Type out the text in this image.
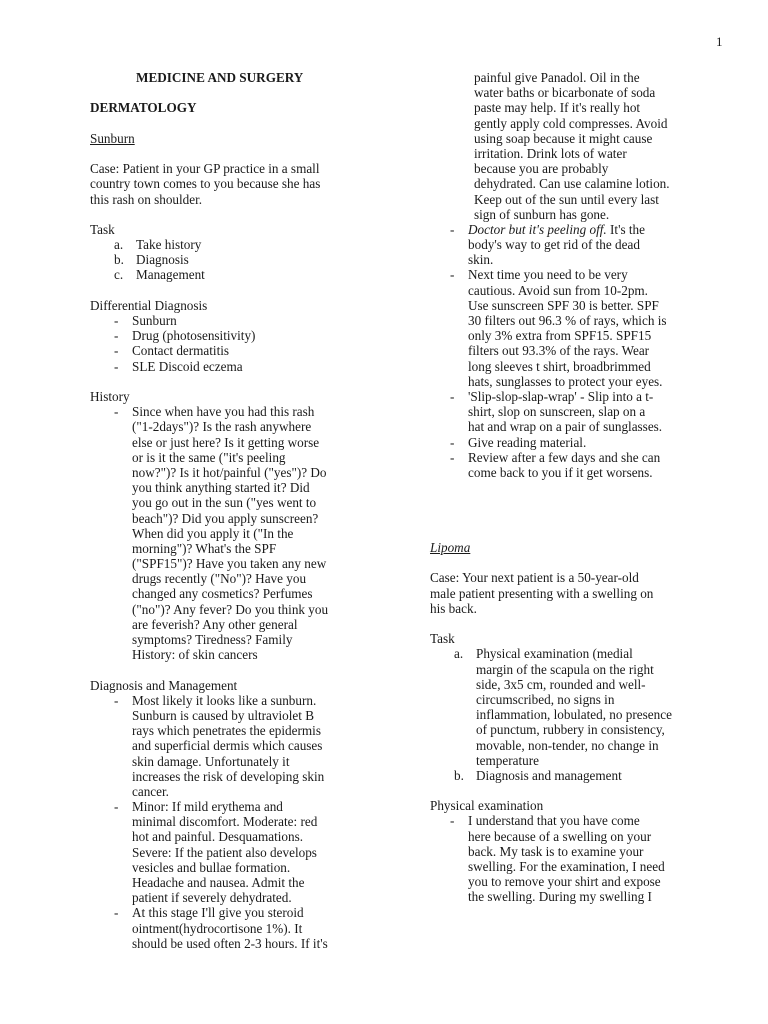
1
MEDICINE AND SURGERY
DERMATOLOGY
Sunburn
Case: Patient in your GP practice in a small
country town comes to you because she has
this rash on shoulder.
Task
a. Take history
b. Diagnosis
c. Management
Differential Diagnosis
-	Sunburn
-	Drug (photosensitivity)
-	Contact dermatitis
-	SLE Discoid eczema
History
-	Since when have you had this rash
("1-2days")? Is the rash anywhere
else or just here? Is it getting worse
or is it the same ("it's peeling
now?")? Is it hot/painful ("yes")? Do
you think anything started it? Did
you go out in the sun ("yes went to
beach")? Did you apply sunscreen?
When did you apply it ("In the
morning")? What's the SPF
("SPF15")? Have you taken any new
drugs recently ("No")? Have you
changed any cosmetics? Perfumes
("no")? Any fever? Do you think you
are feverish? Any other general
symptoms? Tiredness? Family
History: of skin cancers
Diagnosis and Management
-	Most likely it looks like a sunburn.
Sunburn is caused by ultraviolet B
rays which penetrates the epidermis
and superficial dermis which causes
skin damage. Unfortunately it
increases the risk of developing skin
cancer.
-	Minor: If mild erythema and
minimal discomfort. Moderate: red
hot and painful. Desquamations.
Severe: If the patient also develops
vesicles and bullae formation.
Headache and nausea. Admit the
patient if severely dehydrated.
-	At this stage I'll give you steroid
ointment(hydrocortisone 1%). It
should be used often 2-3 hours. If it's
painful give Panadol. Oil in the
water baths or bicarbonate of soda
paste may help. If it's really hot
gently apply cold compresses. Avoid
using soap because it might cause
irritation. Drink lots of water
because you are probably
dehydrated. Can use calamine lotion.
Keep out of the sun until every last
sign of sunburn has gone.
-	Doctor but it's peeling off. It's the
body's way to get rid of the dead
skin.
-	Next time you need to be very
cautious. Avoid sun from 10-2pm.
Use sunscreen SPF 30 is better. SPF
30 filters out 96.3 % of rays, which is
only 3% extra from SPF15. SPF15
filters out 93.3% of the rays. Wear
long sleeves t shirt, broadbrimmed
hats, sunglasses to protect your eyes.
-	'Slip-slop-slap-wrap' - Slip into a t-
shirt, slop on sunscreen, slap on a
hat and wrap on a pair of sunglasses.
-	Give reading material.
-	Review after a few days and she can
come back to you if it get worsens.
Lipoma
Case: Your next patient is a 50-year-old
male patient presenting with a swelling on
his back.
Task
a. Physical examination (medial
margin of the scapula on the right
side, 3x5 cm, rounded and well-
circumscribed, no signs in
inflammation, lobulated, no presence
of punctum, rubbery in consistency,
movable, non-tender, no change in
temperature
b. Diagnosis and management
Physical examination
-	I understand that you have come
here because of a swelling on your
back. My task is to examine your
swelling. For the examination, I need
you to remove your shirt and expose
the swelling. During my swelling I
